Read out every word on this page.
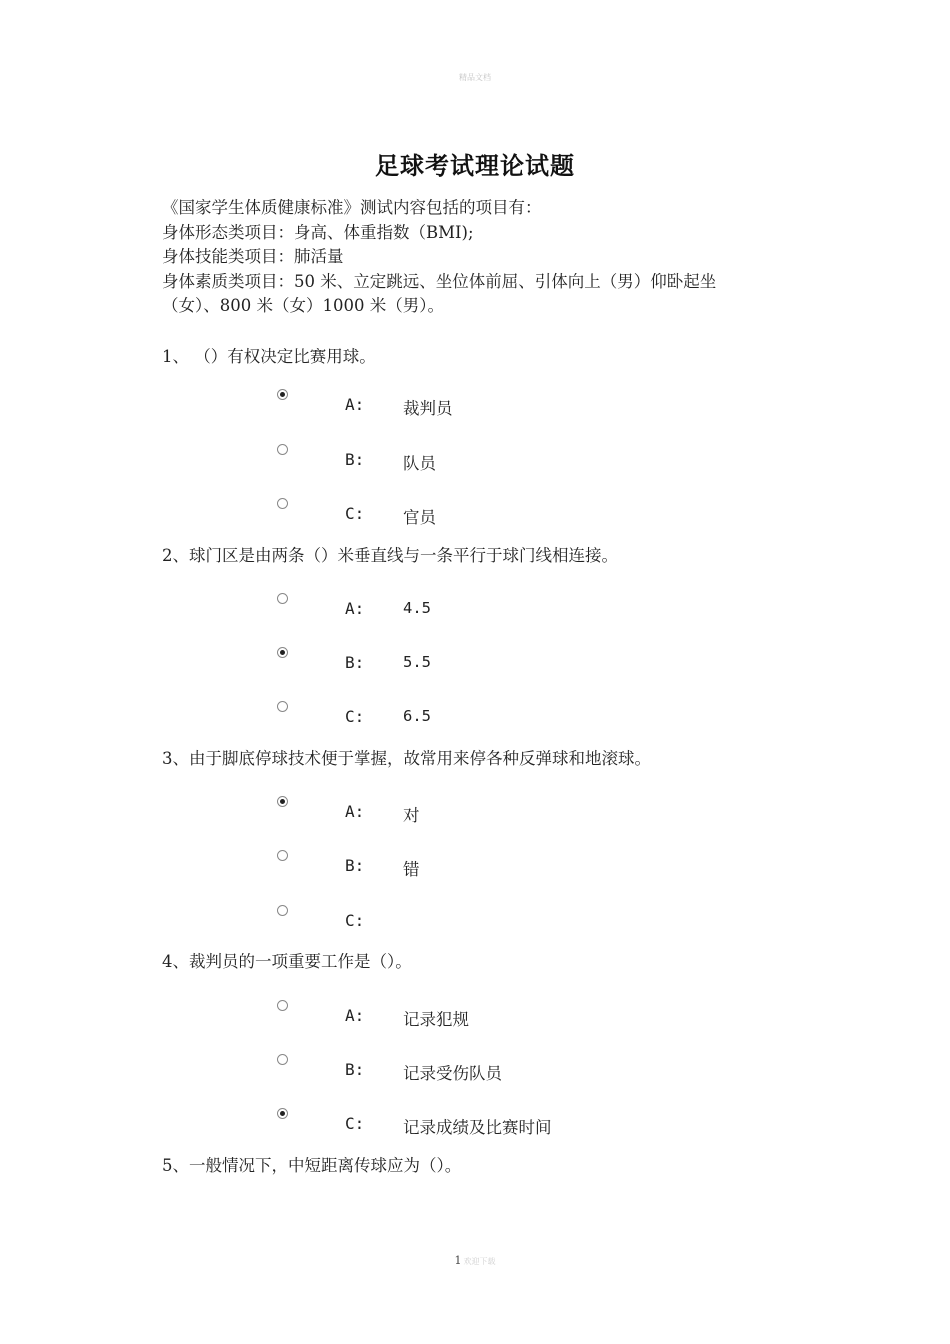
精品文档
足球考试理论试题
《国家学生体质健康标准》测试内容包括的项目有：
身体形态类项目：身高、体重指数（BMI);
身体技能类项目：肺活量
身体素质类项目：50 米、立定跳远、坐位体前屈、引体向上（男）仰卧起坐
（女）、800 米（女）1000 米（男）。
1、 （）有权决定比赛用球。
A: 裁判员
B: 队员
C: 官员
2、球门区是由两条（）米垂直线与一条平行于球门线相连接。
A: 4.5
B: 5.5
C: 6.5
3、由于脚底停球技术便于掌握，故常用来停各种反弹球和地滚球。
A: 对
B: 错
C:
4、裁判员的一项重要工作是（）。
A: 记录犯规
B: 记录受伤队员
C: 记录成绩及比赛时间
5、一般情况下，中短距离传球应为（）。
1 欢迎下载
